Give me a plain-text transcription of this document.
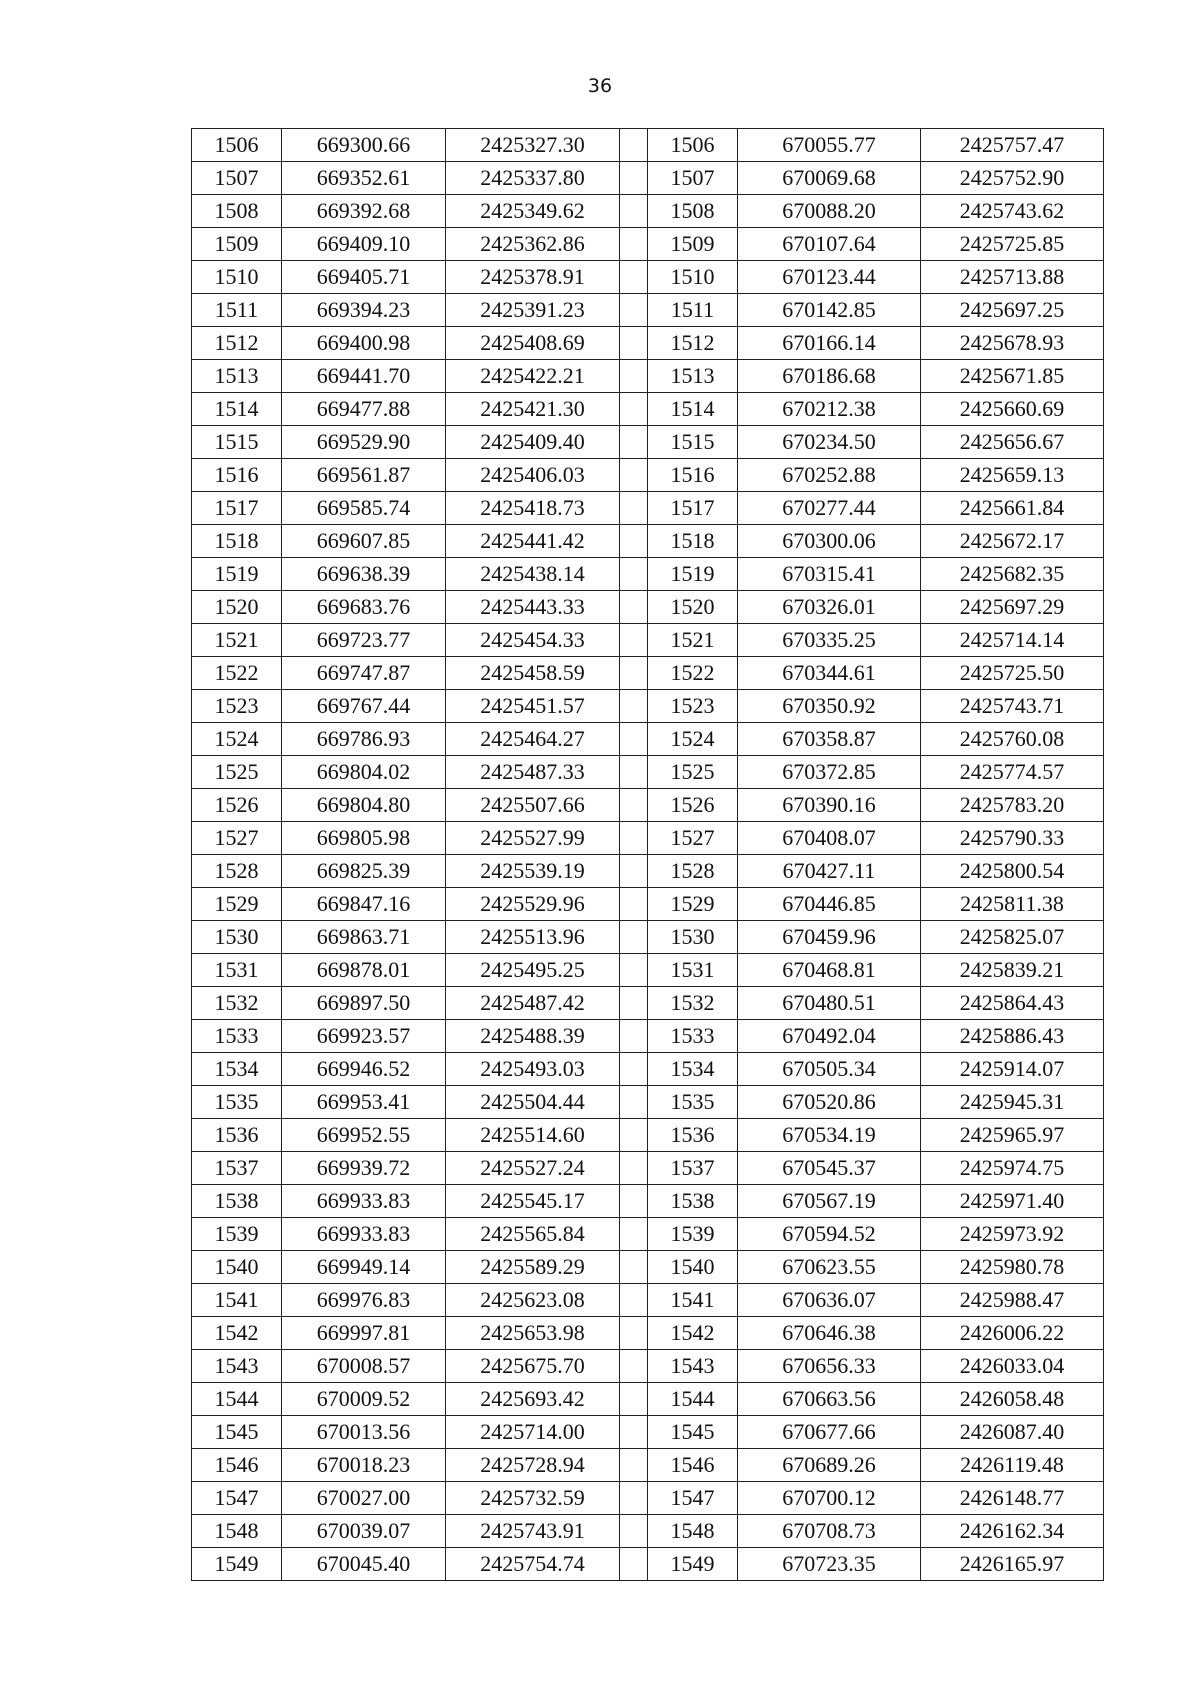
36
1506	669300.66	2425327.30		1506	670055.77	2425757.47
1507	669352.61	2425337.80		1507	670069.68	2425752.90
1508	669392.68	2425349.62		1508	670088.20	2425743.62
1509	669409.10	2425362.86		1509	670107.64	2425725.85
1510	669405.71	2425378.91		1510	670123.44	2425713.88
1511	669394.23	2425391.23		1511	670142.85	2425697.25
1512	669400.98	2425408.69		1512	670166.14	2425678.93
1513	669441.70	2425422.21		1513	670186.68	2425671.85
1514	669477.88	2425421.30		1514	670212.38	2425660.69
1515	669529.90	2425409.40		1515	670234.50	2425656.67
1516	669561.87	2425406.03		1516	670252.88	2425659.13
1517	669585.74	2425418.73		1517	670277.44	2425661.84
1518	669607.85	2425441.42		1518	670300.06	2425672.17
1519	669638.39	2425438.14		1519	670315.41	2425682.35
1520	669683.76	2425443.33		1520	670326.01	2425697.29
1521	669723.77	2425454.33		1521	670335.25	2425714.14
1522	669747.87	2425458.59		1522	670344.61	2425725.50
1523	669767.44	2425451.57		1523	670350.92	2425743.71
1524	669786.93	2425464.27		1524	670358.87	2425760.08
1525	669804.02	2425487.33		1525	670372.85	2425774.57
1526	669804.80	2425507.66		1526	670390.16	2425783.20
1527	669805.98	2425527.99		1527	670408.07	2425790.33
1528	669825.39	2425539.19		1528	670427.11	2425800.54
1529	669847.16	2425529.96		1529	670446.85	2425811.38
1530	669863.71	2425513.96		1530	670459.96	2425825.07
1531	669878.01	2425495.25		1531	670468.81	2425839.21
1532	669897.50	2425487.42		1532	670480.51	2425864.43
1533	669923.57	2425488.39		1533	670492.04	2425886.43
1534	669946.52	2425493.03		1534	670505.34	2425914.07
1535	669953.41	2425504.44		1535	670520.86	2425945.31
1536	669952.55	2425514.60		1536	670534.19	2425965.97
1537	669939.72	2425527.24		1537	670545.37	2425974.75
1538	669933.83	2425545.17		1538	670567.19	2425971.40
1539	669933.83	2425565.84		1539	670594.52	2425973.92
1540	669949.14	2425589.29		1540	670623.55	2425980.78
1541	669976.83	2425623.08		1541	670636.07	2425988.47
1542	669997.81	2425653.98		1542	670646.38	2426006.22
1543	670008.57	2425675.70		1543	670656.33	2426033.04
1544	670009.52	2425693.42		1544	670663.56	2426058.48
1545	670013.56	2425714.00		1545	670677.66	2426087.40
1546	670018.23	2425728.94		1546	670689.26	2426119.48
1547	670027.00	2425732.59		1547	670700.12	2426148.77
1548	670039.07	2425743.91		1548	670708.73	2426162.34
1549	670045.40	2425754.74		1549	670723.35	2426165.97
